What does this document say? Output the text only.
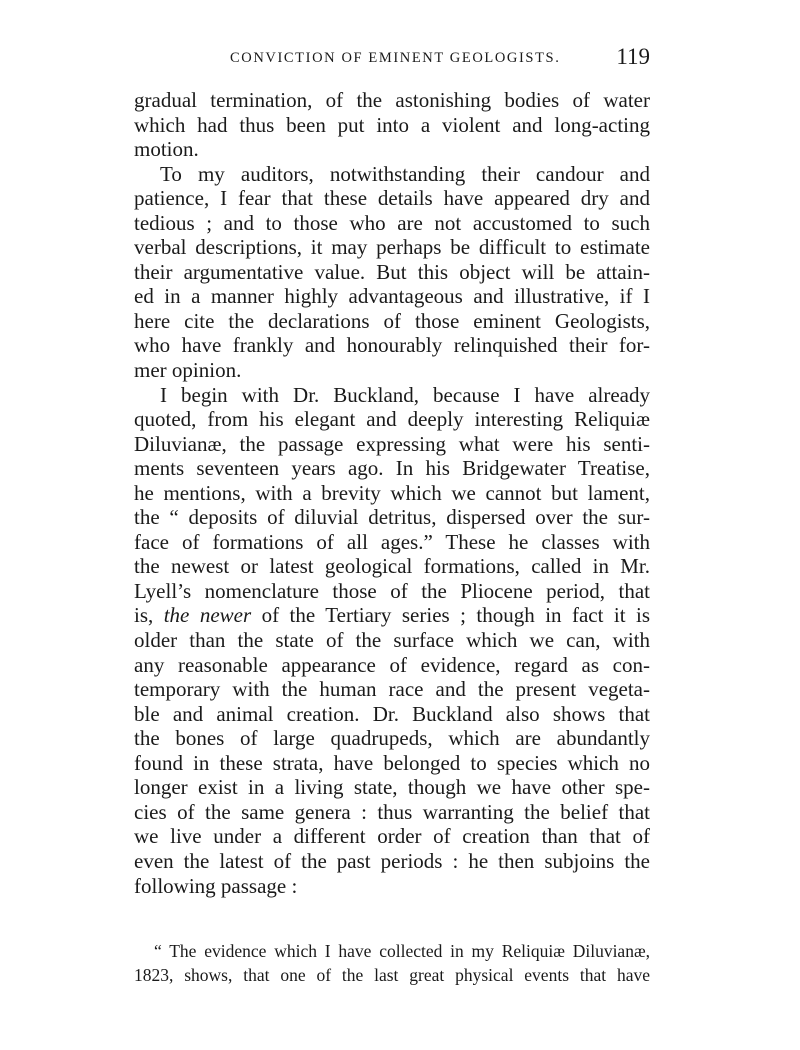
CONVICTION OF EMINENT GEOLOGISTS. 119
gradual termination, of the astonishing bodies of water
which had thus been put into a violent and long-acting
motion.
To my auditors, notwithstanding their candour and
patience, I fear that these details have appeared dry and
tedious ; and to those who are not accustomed to such
verbal descriptions, it may perhaps be difficult to estimate
their argumentative value. But this object will be attain-
ed in a manner highly advantageous and illustrative, if I
here cite the declarations of those eminent Geologists,
who have frankly and honourably relinquished their for-
mer opinion.
I begin with Dr. Buckland, because I have already
quoted, from his elegant and deeply interesting Reliquiæ
Diluvianæ, the passage expressing what were his senti-
ments seventeen years ago. In his Bridgewater Treatise,
he mentions, with a brevity which we cannot but lament,
the “ deposits of diluvial detritus, dispersed over the sur-
face of formations of all ages.” These he classes with
the newest or latest geological formations, called in Mr.
Lyell’s nomenclature those of the Pliocene period, that
is, the newer of the Tertiary series ; though in fact it is
older than the state of the surface which we can, with
any reasonable appearance of evidence, regard as con-
temporary with the human race and the present vegeta-
ble and animal creation. Dr. Buckland also shows that
the bones of large quadrupeds, which are abundantly
found in these strata, have belonged to species which no
longer exist in a living state, though we have other spe-
cies of the same genera : thus warranting the belief that
we live under a different order of creation than that of
even the latest of the past periods : he then subjoins the
following passage :
“ The evidence which I have collected in my Reliquiæ Diluvianæ,
1823, shows, that one of the last great physical events that have
